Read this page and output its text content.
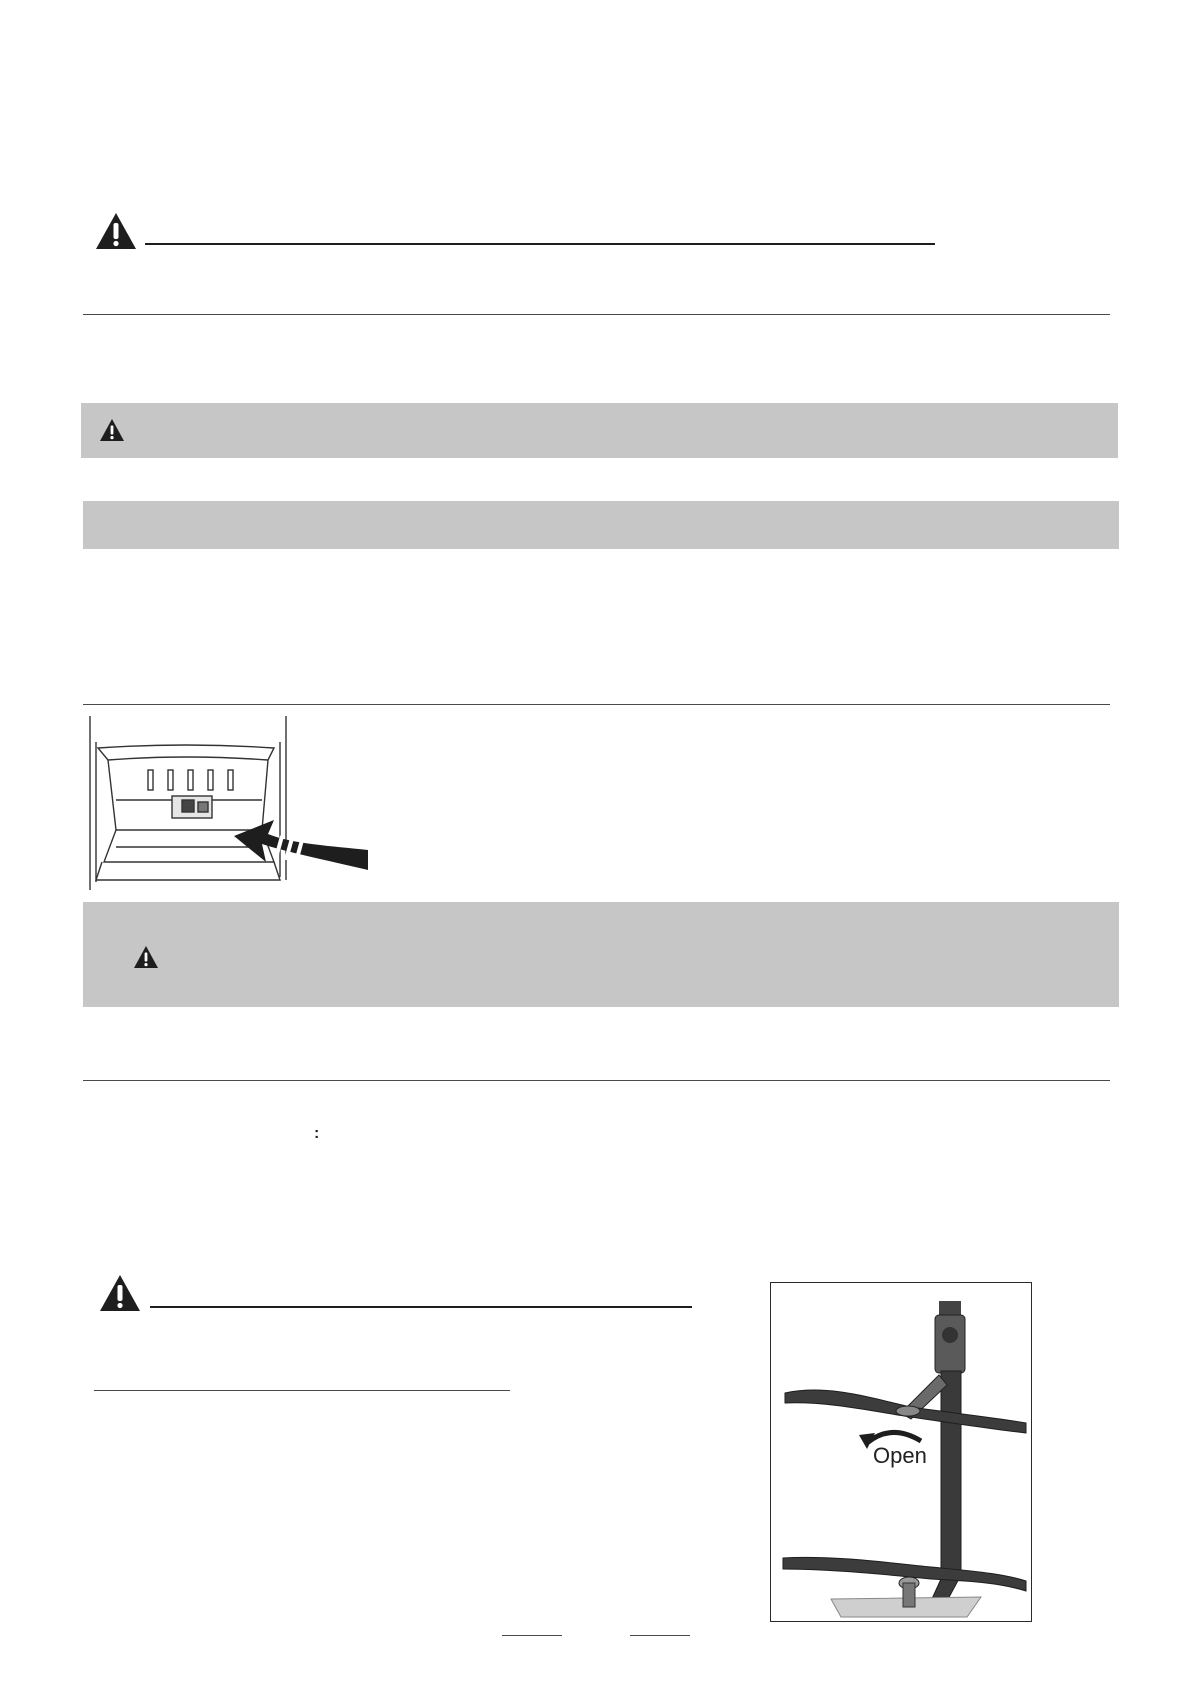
:
Open
